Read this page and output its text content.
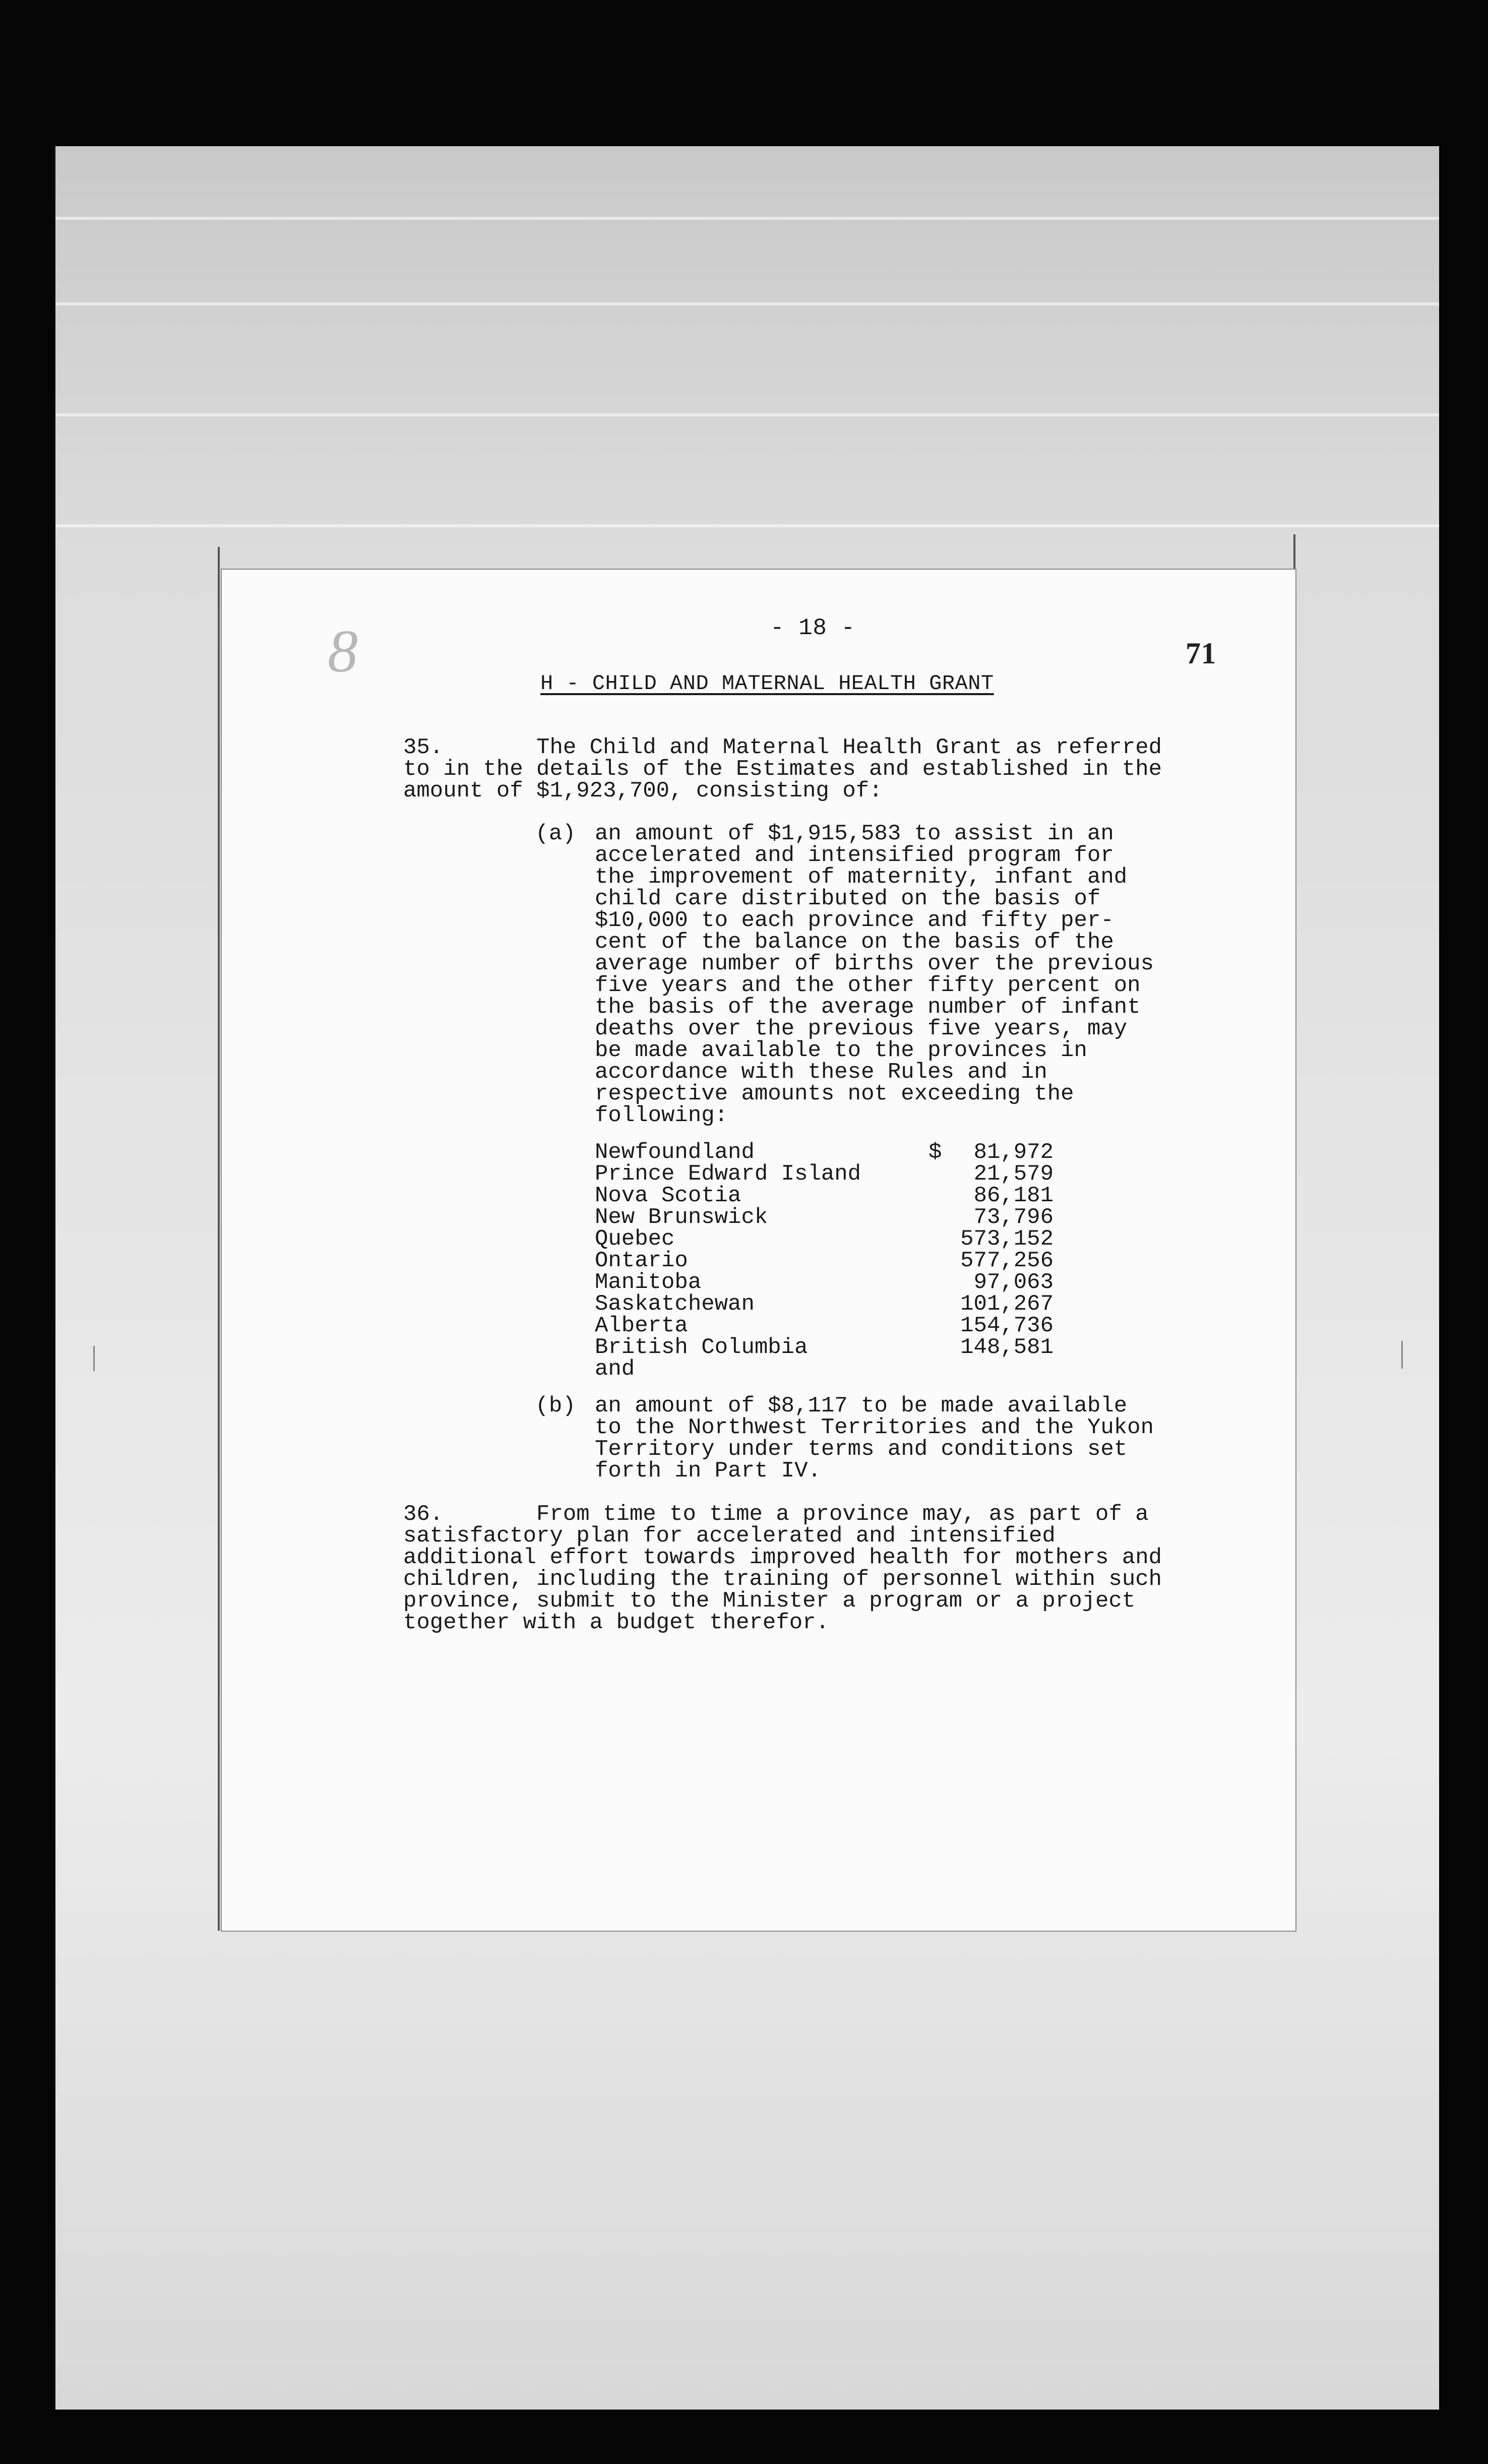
8	- 18 -
71
H - CHILD AND MATERNAL HEALTH GRANT
35.       The Child and Maternal Health Grant as referred
to in the details of the Estimates and established in the
amount of $1,923,700, consisting of:
(a) an amount of $1,915,583 to assist in an
accelerated and intensified program for
the improvement of maternity, infant and
child care distributed on the basis of
$10,000 to each province and fifty per-
cent of the balance on the basis of the
average number of births over the previous
five years and the other fifty percent on
the basis of the average number of infant
deaths over the previous five years, may
be made available to the provinces in
accordance with these Rules and in
respective amounts not exceeding the
following:
Newfoundland	$ 81,972
Prince Edward Island	21,579
Nova Scotia	86,181
New Brunswick	73,796
Quebec	573,152
Ontario	577,256
Manitoba	97,063
Saskatchewan	101,267
Alberta	154,736
British Columbia	148,581
and
(b) an amount of $8,117 to be made available
to the Northwest Territories and the Yukon
Territory under terms and conditions set
forth in Part IV.
36.       From time to time a province may, as part of a
satisfactory plan for accelerated and intensified
additional effort towards improved health for mothers and
children, including the training of personnel within such
province, submit to the Minister a program or a project
together with a budget therefor.
